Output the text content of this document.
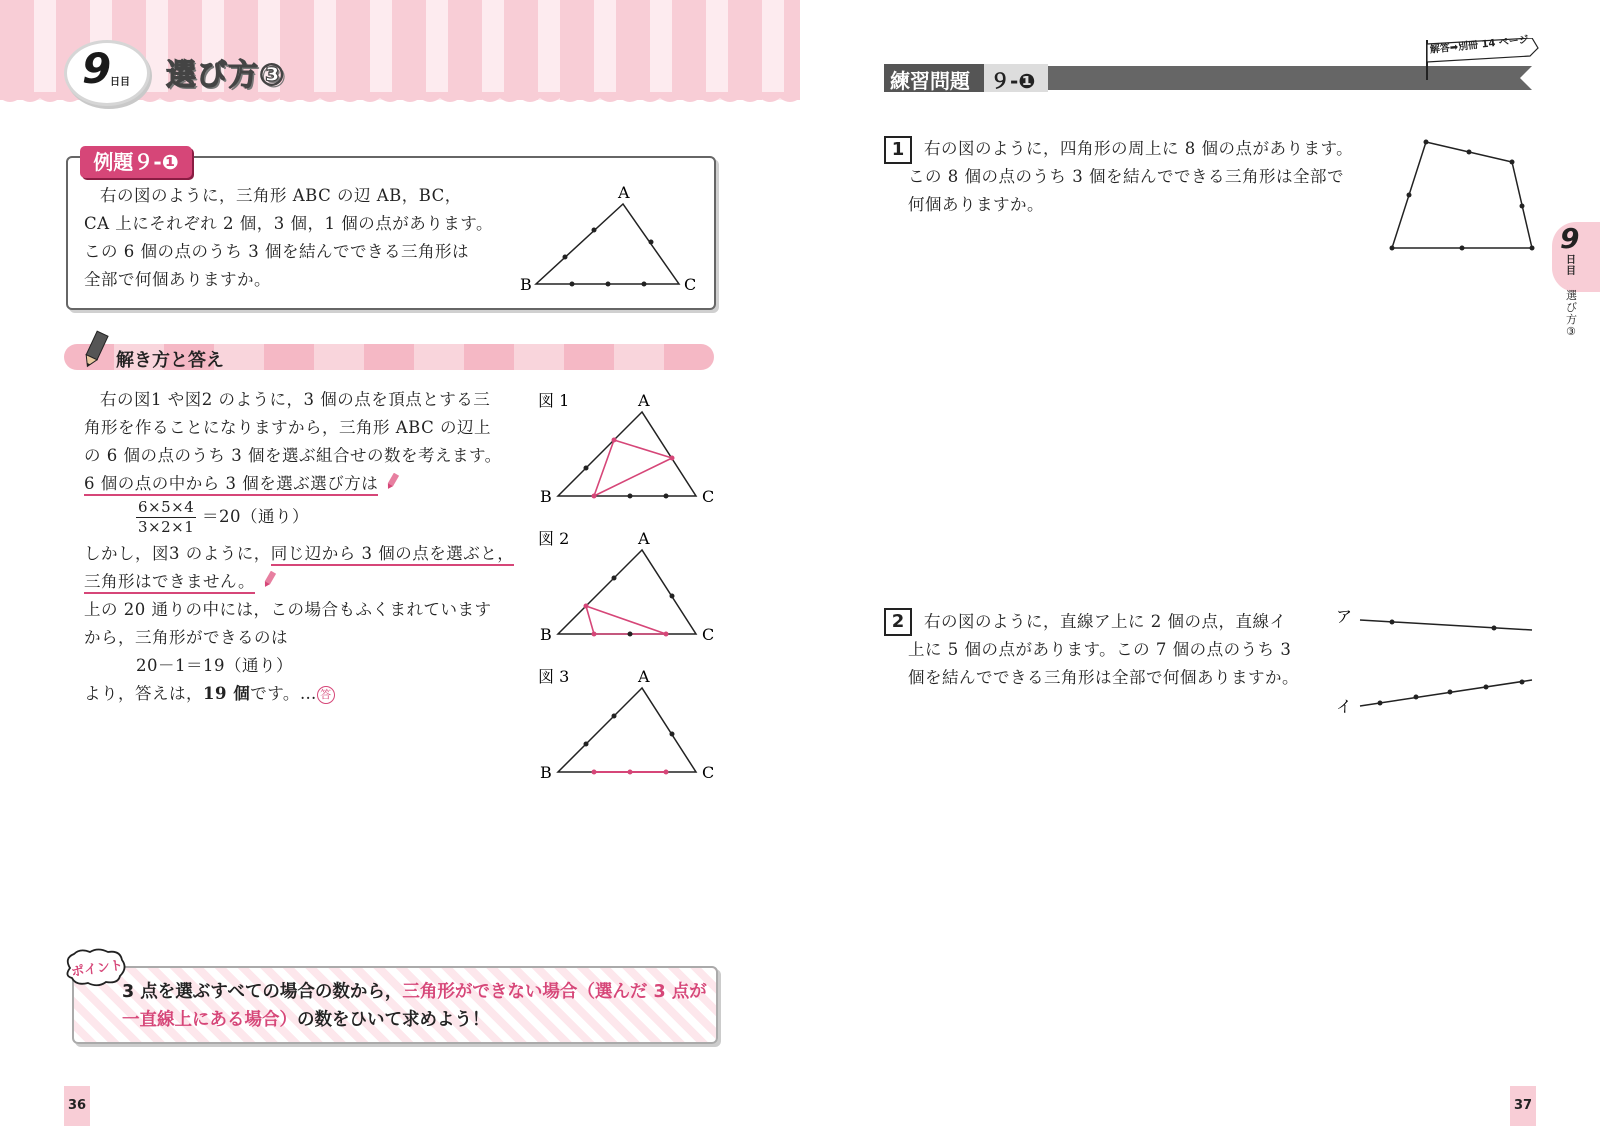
9
日目 選び方③
例題９-❶
右の図のように，三角形 ABC の辺 AB，BC，
CA 上にそれぞれ 2 個，3 個，1 個の点があります。
この 6 個の点のうち 3 個を結んでできる三角形は
全部で何個ありますか。
A
B	C
解き方と答え
右の図1 や図2 のように，3 個の点を頂点とする三
角形を作ることになりますから，三角形 ABC の辺上
の 6 個の点のうち 3 個を選ぶ組合せの数を考えます。
6 個の点の中から 3 個を選ぶ選び方は
$\frac{6\times 5\times 4}{3\times 2\times 1} =20$（通り）
しかし，図3 のように，同じ辺から 3 個の点を選ぶと，
三角形はできません。
上の 20 通りの中には，この場合もふくまれています
から，三角形ができるのは
20－1＝19（通り）
より，答えは，19 個です。… 答
図 1	A
B	C
図 2	A
B	C
図 3	A
B	C
ポイント
3 点を選ぶすべての場合の数から，三角形ができない場合（選んだ 3 点が
一直線上にある場合）の数をひいて求めよう！
36
練習問題 ９-❶
解答➡別冊 14 ページ
1	右の図のように，四角形の周上に 8 個の点があります。
この 8 個の点のうち 3 個を結んでできる三角形は全部で
何個ありますか。
2	右の図のように，直線ア上に 2 個の点，直線イ
上に 5 個の点があります。この 7 個の点のうち 3
個を結んでできる三角形は全部で何個ありますか。
ア
イ
9
日目
選び方③
37
